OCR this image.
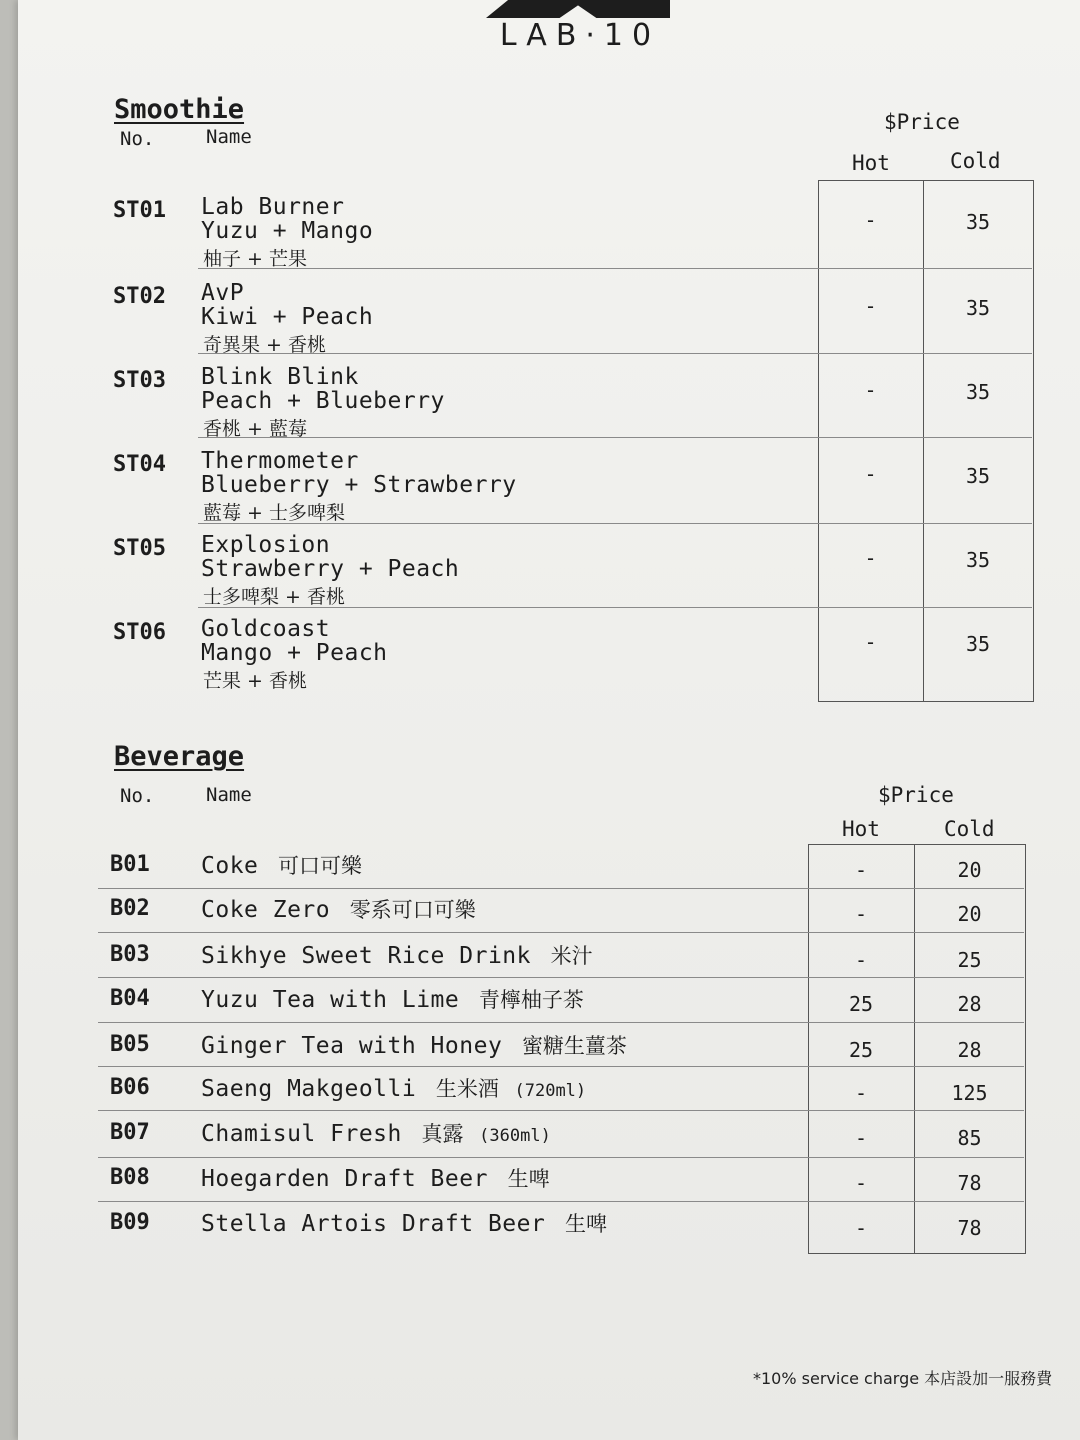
LAB·10
Smoothie
No.	Name
$Price
Hot	Cold
ST01 Lab Burner
Yuzu + Mango
柚子 + 芒果
-	35
ST02 AvP
Kiwi + Peach
奇異果 + 香桃
-	35
ST03 Blink Blink
Peach + Blueberry
香桃 + 藍莓
-	35
ST04 Thermometer
Blueberry + Strawberry
藍莓 + 士多啤梨
-	35
ST05 Explosion
Strawberry + Peach
士多啤梨 + 香桃
-	35
ST06 Goldcoast
Mango + Peach
芒果 + 香桃
-	35
Beverage
No.	Name	$Price
Hot	Cold
B01 Coke 可口可樂	-	20
B02 Coke Zero 零系可口可樂	-	20
B03 Sikhye Sweet Rice Drink 米汁	-	25
B04 Yuzu Tea with Lime 青檸柚子茶	25	28
B05 Ginger Tea with Honey 蜜糖生薑茶	25	28
B06 Saeng Makgeolli 生米酒 (720ml)	-	125
B07 Chamisul Fresh 真露 (360ml)	-	85
B08 Hoegarden Draft Beer 生啤	-	78
B09 Stella Artois Draft Beer 生啤	-	78
*10% service charge 本店設加一服務費
